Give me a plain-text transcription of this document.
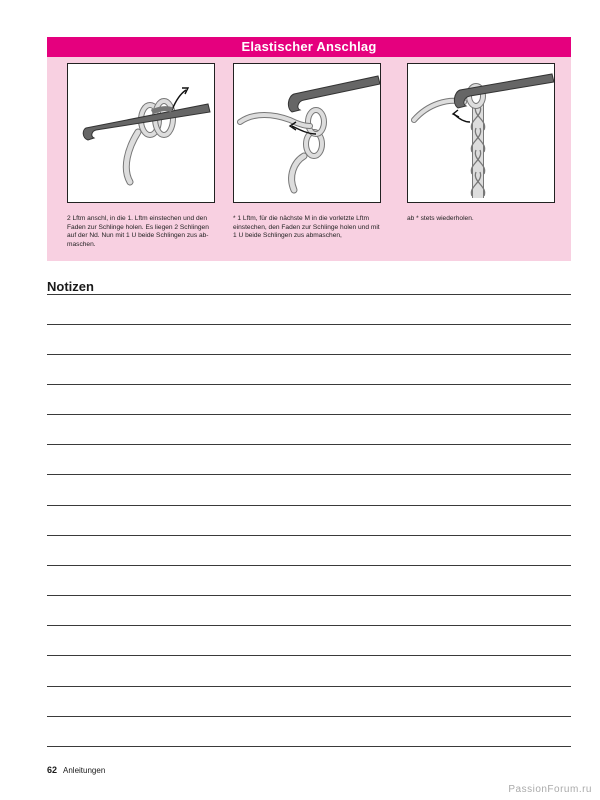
Elastischer Anschlag
2 Lftm anschl, in die 1. Lftm einstechen und den Faden zur Schlinge holen. Es liegen 2 Schlingen auf der Nd. Nun mit 1 U beide Schlingen zus ab-maschen.
* 1 Lftm, für die nächste M in die vorletzte Lftm einstechen, den Faden zur Schlinge holen und mit 1 U beide Schlingen zus abmaschen,
ab * stets wiederholen.
Notizen
62 Anleitungen
PassionForum.ru
